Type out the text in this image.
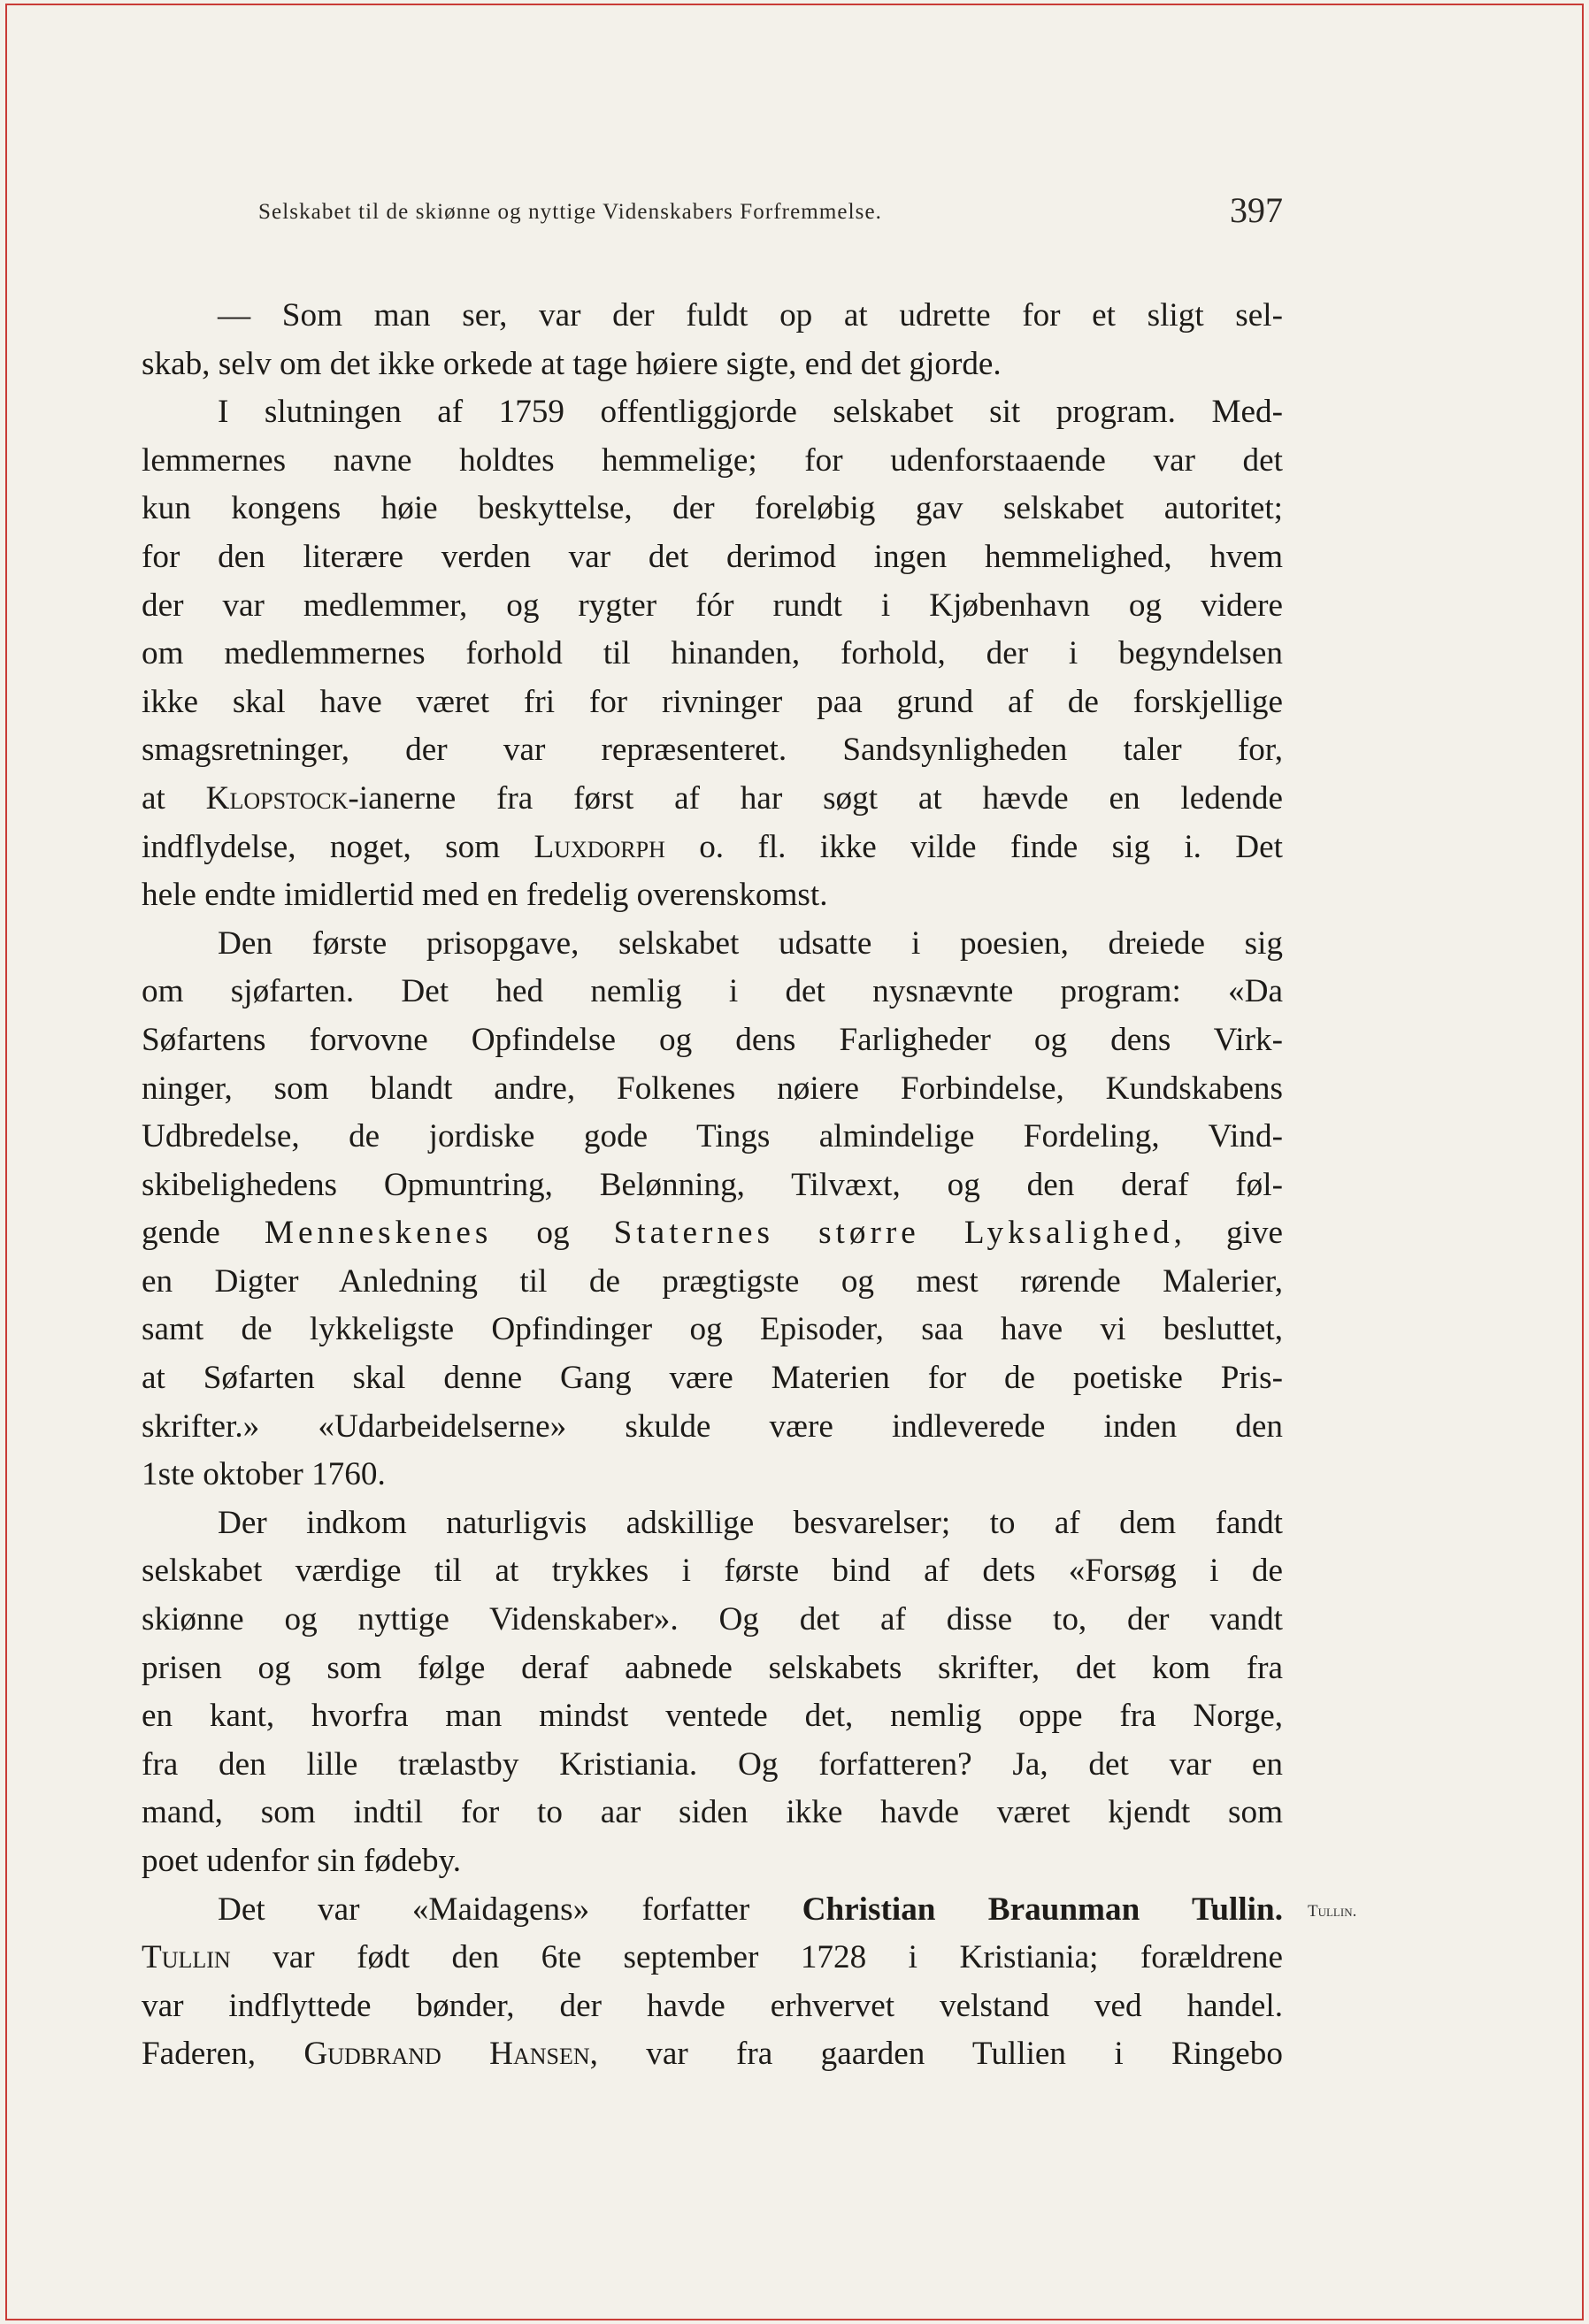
Selskabet til de skiønne og nyttige Videnskabers Forfremmelse.	397
— Som man ser, var der fuldt op at udrette for et sligt sel-
skab, selv om det ikke orkede at tage høiere sigte, end det gjorde.
I slutningen af 1759 offentliggjorde selskabet sit program. Med-
lemmernes navne holdtes hemmelige; for udenforstaaende var det
kun kongens høie beskyttelse, der foreløbig gav selskabet autoritet;
for den literære verden var det derimod ingen hemmelighed, hvem
der var medlemmer, og rygter fór rundt i Kjøbenhavn og videre
om medlemmernes forhold til hinanden, forhold, der i begyndelsen
ikke skal have været fri for rivninger paa grund af de forskjellige
smagsretninger, der var repræsenteret. Sandsynligheden taler for,
at Klopstock-ianerne fra først af har søgt at hævde en ledende
indflydelse, noget, som Luxdorph o. fl. ikke vilde finde sig i. Det
hele endte imidlertid med en fredelig overenskomst.
Den første prisopgave, selskabet udsatte i poesien, dreiede sig
om sjøfarten. Det hed nemlig i det nysnævnte program: «Da
Søfartens forvovne Opfindelse og dens Farligheder og dens Virk-
ninger, som blandt andre, Folkenes nøiere Forbindelse, Kundskabens
Udbredelse, de jordiske gode Tings almindelige Fordeling, Vind-
skibelighedens Opmuntring, Belønning, Tilvæxt, og den deraf føl-
gende Menneskenes og Staternes større Lyksalighed, give
en Digter Anledning til de prægtigste og mest rørende Malerier,
samt de lykkeligste Opfindinger og Episoder, saa have vi besluttet,
at Søfarten skal denne Gang være Materien for de poetiske Pris-
skrifter.» «Udarbeidelserne» skulde være indleverede inden den
1ste oktober 1760.
Der indkom naturligvis adskillige besvarelser; to af dem fandt
selskabet værdige til at trykkes i første bind af dets «Forsøg i de
skiønne og nyttige Videnskaber». Og det af disse to, der vandt
prisen og som følge deraf aabnede selskabets skrifter, det kom fra
en kant, hvorfra man mindst ventede det, nemlig oppe fra Norge,
fra den lille trælastby Kristiania. Og forfatteren? Ja, det var en
mand, som indtil for to aar siden ikke havde været kjendt som
poet udenfor sin fødeby.
Det var «Maidagens» forfatter Christian Braunman Tullin.
Tullin var født den 6te september 1728 i Kristiania; forældrene
var indflyttede bønder, der havde erhvervet velstand ved handel.
Faderen, Gudbrand Hansen, var fra gaarden Tullien i Ringebo
Tullin.
